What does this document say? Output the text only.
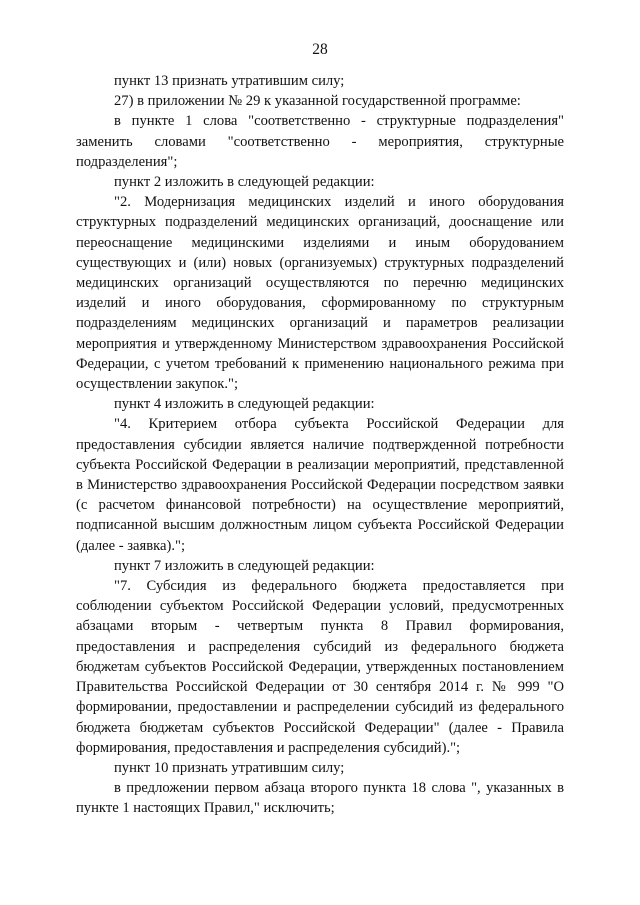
28

пункт 13 признать утратившим силу;

27) в приложении № 29 к указанной государственной программе:

в пункте 1 слова "соответственно - структурные подразделения" заменить словами "соответственно - мероприятия, структурные подразделения";

пункт 2 изложить в следующей редакции:

"2. Модернизация медицинских изделий и иного оборудования структурных подразделений медицинских организаций, дооснащение или переоснащение медицинскими изделиями и иным оборудованием существующих и (или) новых (организуемых) структурных подразделений медицинских организаций осуществляются по перечню медицинских изделий и иного оборудования, сформированному по структурным подразделениям медицинских организаций и параметров реализации мероприятия и утвержденному Министерством здравоохранения Российской Федерации, с учетом требований к применению национального режима при осуществлении закупок.";

пункт 4 изложить в следующей редакции:

"4. Критерием отбора субъекта Российской Федерации для предоставления субсидии является наличие подтвержденной потребности субъекта Российской Федерации в реализации мероприятий, представленной в Министерство здравоохранения Российской Федерации посредством заявки (с расчетом финансовой потребности) на осуществление мероприятий, подписанной высшим должностным лицом субъекта Российской Федерации (далее - заявка).";

пункт 7 изложить в следующей редакции:

"7. Субсидия из федерального бюджета предоставляется при соблюдении субъектом Российской Федерации условий, предусмотренных абзацами вторым - четвертым пункта 8 Правил формирования, предоставления и распределения субсидий из федерального бюджета бюджетам субъектов Российской Федерации, утвержденных постановлением Правительства Российской Федерации от 30 сентября 2014 г. № 999 "О формировании, предоставлении и распределении субсидий из федерального бюджета бюджетам субъектов Российской Федерации" (далее - Правила формирования, предоставления и распределения субсидий).";

пункт 10 признать утратившим силу;

в предложении первом абзаца второго пункта 18 слова ", указанных в пункте 1 настоящих Правил," исключить;
